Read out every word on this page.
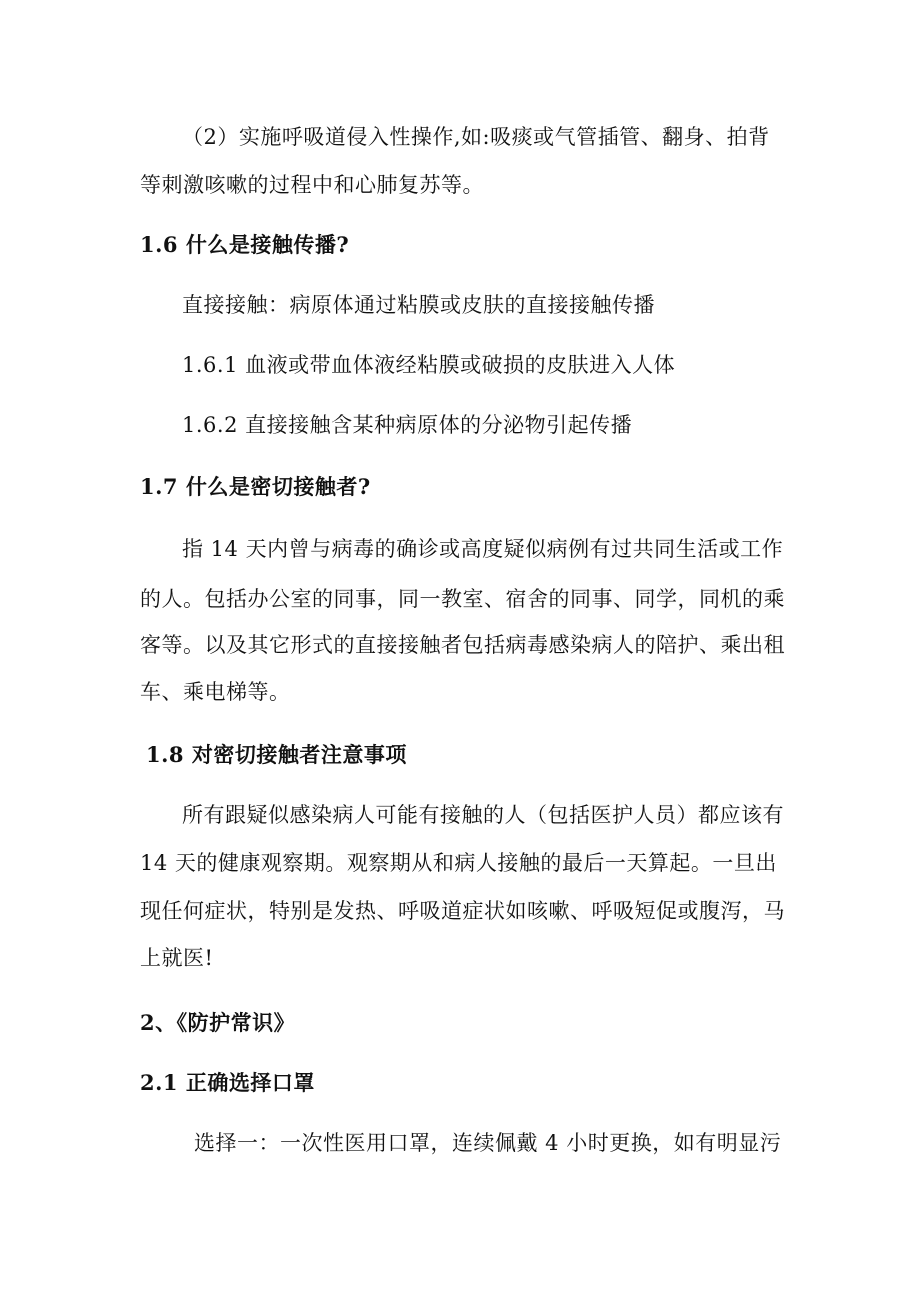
（2）实施呼吸道侵入性操作,如:吸痰或气管插管、翻身、拍背
等刺激咳嗽的过程中和心肺复苏等。
1.6 什么是接触传播?
直接接触：病原体通过粘膜或皮肤的直接接触传播
1.6.1 血液或带血体液经粘膜或破损的皮肤进入人体
1.6.2 直接接触含某种病原体的分泌物引起传播
1.7 什么是密切接触者?
指 14 天内曾与病毒的确诊或高度疑似病例有过共同生活或工作
的人。包括办公室的同事，同一教室、宿舍的同事、同学，同机的乘
客等。以及其它形式的直接接触者包括病毒感染病人的陪护、乘出租
车、乘电梯等。
1.8 对密切接触者注意事项
所有跟疑似感染病人可能有接触的人（包括医护人员）都应该有
14 天的健康观察期。观察期从和病人接触的最后一天算起。一旦出
现任何症状，特别是发热、呼吸道症状如咳嗽、呼吸短促或腹泻，马
上就医!
2、《防护常识》
2.1 正确选择口罩
选择一：一次性医用口罩，连续佩戴 4 小时更换，如有明显污
